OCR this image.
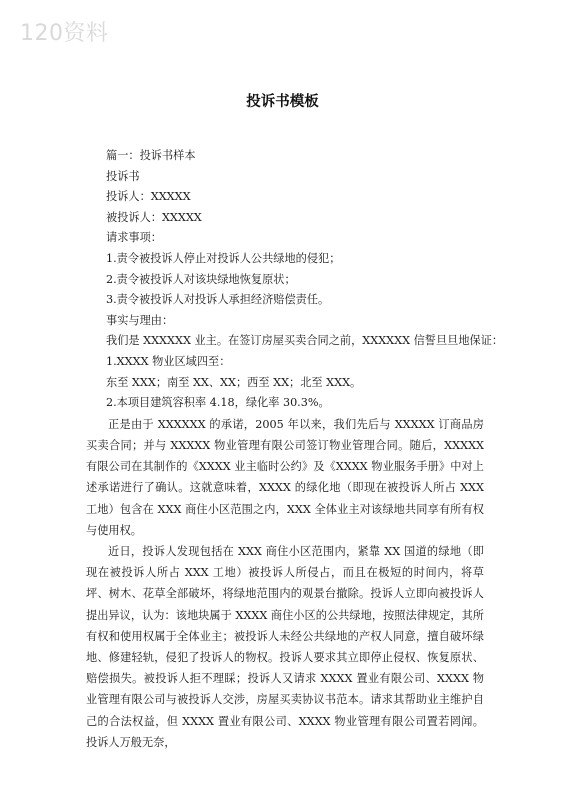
120资料
投诉书模板
篇一：投诉书样本
投诉书
投诉人：XXXXX
被投诉人：XXXXX
请求事项：
1.责令被投诉人停止对投诉人公共绿地的侵犯；
2.责令被投诉人对该块绿地恢复原状；
3.责令被投诉人对投诉人承担经济赔偿责任。
事实与理由：
我们是 XXXXXX 业主。在签订房屋买卖合同之前，XXXXXX 信誓旦旦地保证：
1.XXXX 物业区域四至：
东至 XXX；南至 XX、XX；西至 XX；北至 XXX。
2.本项目建筑容积率 4.18，绿化率 30.3%。

正是由于 XXXXXX 的承诺，2005 年以来，我们先后与 XXXXX 订商品房买卖合同；并与 XXXXX 物业管理有限公司签订物业管理合同。随后，XXXXX 有限公司在其制作的《XXXX 业主临时公约》及《XXXX 物业服务手册》中对上述承诺进行了确认。这就意味着，XXXX 的绿化地（即现在被投诉人所占 XXX 工地）包含在 XXX 商住小区范围之内，XXX 全体业主对该绿地共同享有所有权与使用权。

近日，投诉人发现包括在 XXX 商住小区范围内，紧靠 XX 国道的绿地（即现在被投诉人所占 XXX 工地）被投诉人所侵占，而且在极短的时间内，将草坪、树木、花草全部破坏，将绿地范围内的观景台撤除。投诉人立即向被投诉人提出异议，认为：该地块属于 XXXX 商住小区的公共绿地，按照法律规定，其所有权和使用权属于全体业主；被投诉人未经公共绿地的产权人同意，擅自破坏绿地、修建轻轨，侵犯了投诉人的物权。投诉人要求其立即停止侵权、恢复原状、赔偿损失。被投诉人拒不理睬；投诉人又请求 XXXX 置业有限公司、XXXX 物业管理有限公司与被投诉人交涉，房屋买卖协议书范本。请求其帮助业主维护自己的合法权益，但 XXXX 置业有限公司、XXXX 物业管理有限公司置若罔闻。投诉人万般无奈，
